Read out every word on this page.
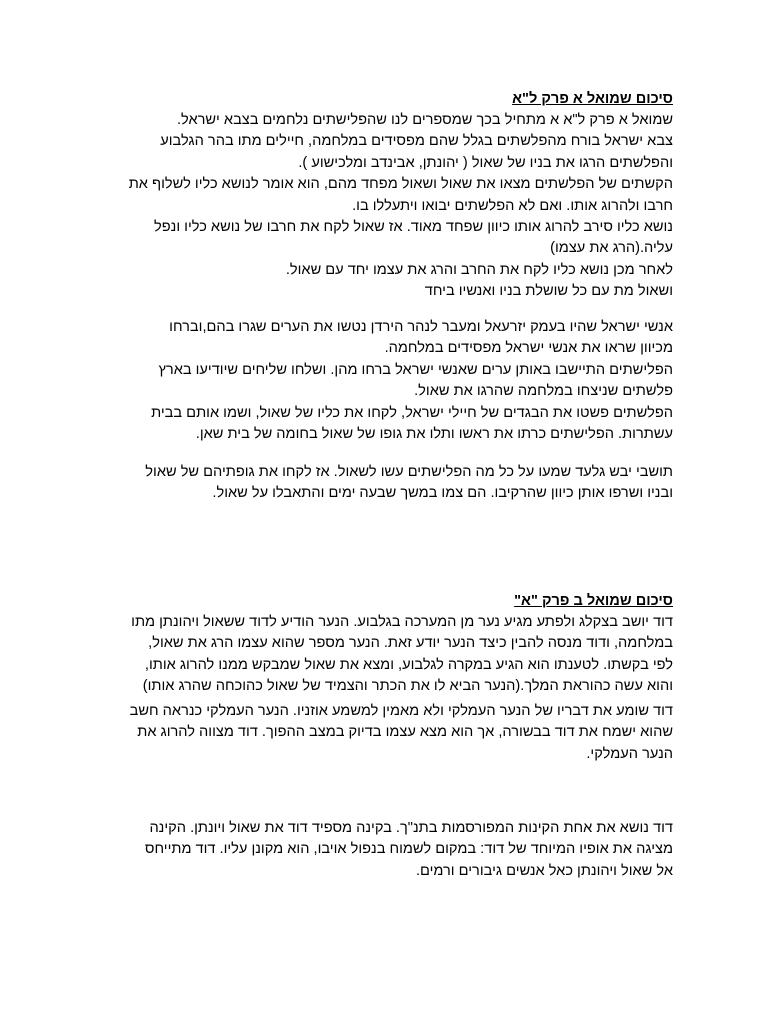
סיכום שמואל א פרק ל"א
שמואל א פרק ל"א א מתחיל בכך שמספרים לנו שהפלישתים נלחמים בצבא ישראל.
צבא ישראל בורח מהפלשתים בגלל שהם מפסידים במלחמה, חיילים מתו בהר הגלבוע
והפלשתים הרגו את בניו של שאול ( יהונתן, אבינדב ומלכישוע ).
הקשתים של הפלשתים מצאו את שאול ושאול מפחד מהם, הוא אומר לנושא כליו לשלוף את
חרבו ולהרוג אותו. ואם לא הפלשתים יבואו ויתעללו בו.
נושא כליו סירב להרוג אותו כיוון שפחד מאוד. אז שאול לקח את חרבו של נושא כליו ונפל
עליה.(הרג את עצמו)
לאחר מכן נושא כליו לקח את החרב והרג את עצמו יחד עם שאול.
ושאול מת עם כל שושלת בניו ואנשיו ביחד
אנשי ישראל שהיו בעמק יזרעאל ומעבר לנהר הירדן נטשו את הערים שגרו בהם,וברחו
מכיוון שראו את אנשי ישראל מפסידים במלחמה.
הפלישתים התיישבו באותן ערים שאנשי ישראל ברחו מהן. ושלחו שליחים שיודיעו בארץ
פלשתים שניצחו במלחמה שהרגו את שאול.
הפלשתים פשטו את הבגדים של חיילי ישראל, לקחו את כליו של שאול, ושמו אותם בבית
עשתרות. הפלישתים כרתו את ראשו ותלו את גופו של שאול בחומה של בית שאן.
תושבי יבש גלעד שמעו על כל מה הפלישתים עשו לשאול. אז לקחו את גופתיהם של שאול
ובניו ושרפו אותן כיוון שהרקיבו. הם צמו במשך שבעה ימים והתאבלו על שאול.
סיכום שמואל ב פרק "א"
דוד יושב בצקלג ולפתע מגיע נער מן המערכה בגלבוע. הנער הודיע לדוד ששאול ויהונתן מתו
במלחמה, ודוד מנסה להבין כיצד הנער יודע זאת. הנער מספר שהוא עצמו הרג את שאול,
לפי בקשתו. לטענתו הוא הגיע במקרה לגלבוע, ומצא את שאול שמבקש ממנו להרוג אותו,
והוא עשה כהוראת המלך.(הנער הביא לו את הכתר והצמיד של שאול כהוכחה שהרג אותו)
דוד שומע את דבריו של הנער העמלקי ולא מאמין למשמע אוזניו. הנער העמלקי כנראה חשב
שהוא ישמח את דוד בבשורה, אך הוא מצא עצמו בדיוק במצב ההפוך. דוד מצווה להרוג את
הנער העמלקי.
דוד נושא את אחת הקינות המפורסמות בתנ"ך. בקינה מספיד דוד את שאול ויונתן. הקינה
מציגה את אופיו המיוחד של דוד: במקום לשמוח בנפול אויבו, הוא מקונן עליו. דוד מתייחס
אל שאול ויהונתן כאל אנשים גיבורים ורמים.
